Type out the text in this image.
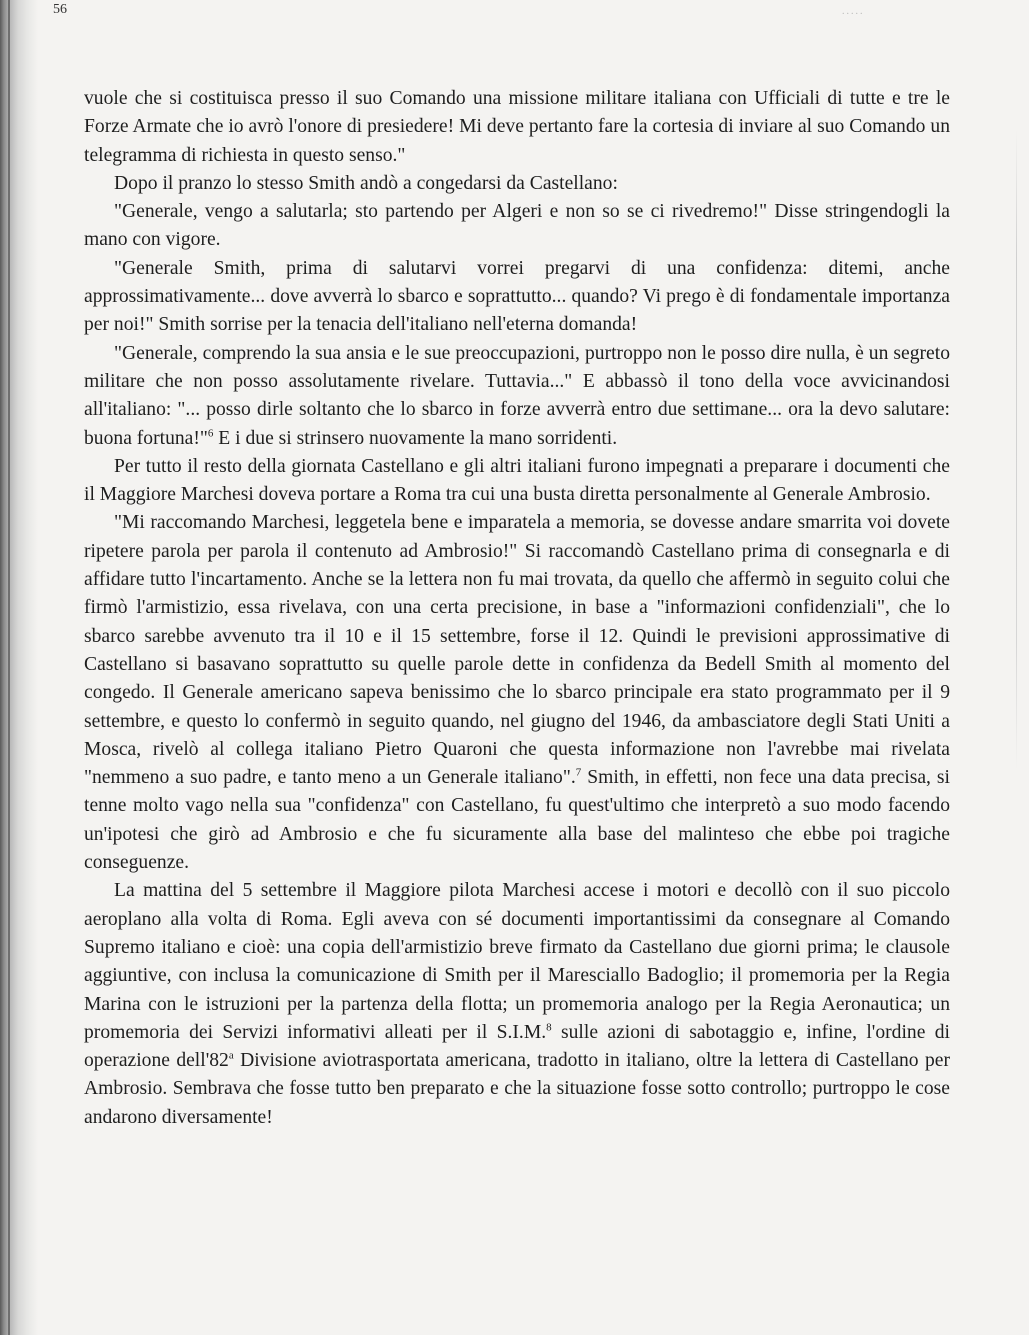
56	.....

vuole che si costituisca presso il suo Comando una missione militare italiana con Ufficiali di tutte e tre le Forze Armate che io avrò l'onore di presiedere! Mi deve pertanto fare la cortesia di inviare al suo Comando un telegramma di richiesta in questo senso."

Dopo il pranzo lo stesso Smith andò a congedarsi da Castellano:

"Generale, vengo a salutarla; sto partendo per Algeri e non so se ci rivedremo!" Disse stringendogli la mano con vigore.

"Generale Smith, prima di salutarvi vorrei pregarvi di una confidenza: ditemi, anche approssimativamente... dove avverrà lo sbarco e soprattutto... quando? Vi prego è di fondamentale importanza per noi!" Smith sorrise per la tenacia dell'italiano nell'eterna domanda!

"Generale, comprendo la sua ansia e le sue preoccupazioni, purtroppo non le posso dire nulla, è un segreto militare che non posso assolutamente rivelare. Tuttavia..." E abbassò il tono della voce avvicinandosi all'italiano: "... posso dirle soltanto che lo sbarco in forze avverrà entro due settimane... ora la devo salutare: buona fortuna!"$^6$ E i due si strinsero nuovamente la mano sorridenti.

Per tutto il resto della giornata Castellano e gli altri italiani furono impegnati a preparare i documenti che il Maggiore Marchesi doveva portare a Roma tra cui una busta diretta personalmente al Generale Ambrosio.

"Mi raccomando Marchesi, leggetela bene e imparatela a memoria, se dovesse andare smarrita voi dovete ripetere parola per parola il contenuto ad Ambrosio!" Si raccomandò Castellano prima di consegnarla e di affidare tutto l'incartamento. Anche se la lettera non fu mai trovata, da quello che affermò in seguito colui che firmò l'armistizio, essa rivelava, con una certa precisione, in base a "informazioni confidenziali", che lo sbarco sarebbe avvenuto tra il 10 e il 15 settembre, forse il 12. Quindi le previsioni approssimative di Castellano si basavano soprattutto su quelle parole dette in confidenza da Bedell Smith al momento del congedo. Il Generale americano sapeva benissimo che lo sbarco principale era stato programmato per il 9 settembre, e questo lo confermò in seguito quando, nel giugno del 1946, da ambasciatore degli Stati Uniti a Mosca, rivelò al collega italiano Pietro Quaroni che questa informazione non l'avrebbe mai rivelata "nemmeno a suo padre, e tanto meno a un Generale italiano".$^7$ Smith, in effetti, non fece una data precisa, si tenne molto vago nella sua "confidenza" con Castellano, fu quest'ultimo che interpretò a suo modo facendo un'ipotesi che girò ad Ambrosio e che fu sicuramente alla base del malinteso che ebbe poi tragiche conseguenze.

La mattina del 5 settembre il Maggiore pilota Marchesi accese i motori e decollò con il suo piccolo aeroplano alla volta di Roma. Egli aveva con sé documenti importantissimi da consegnare al Comando Supremo italiano e cioè: una copia dell'armistizio breve firmato da Castellano due giorni prima; le clausole aggiuntive, con inclusa la comunicazione di Smith per il Maresciallo Badoglio; il promemoria per la Regia Marina con le istruzioni per la partenza della flotta; un promemoria analogo per la Regia Aeronautica; un promemoria dei Servizi informativi alleati per il S.I.M.$^8$ sulle azioni di sabotaggio e, infine, l'ordine di operazione dell'82$^a$ Divisione aviotrasportata americana, tradotto in italiano, oltre la lettera di Castellano per Ambrosio. Sembrava che fosse tutto ben preparato e che la situazione fosse sotto controllo; purtroppo le cose andarono diversamente!
